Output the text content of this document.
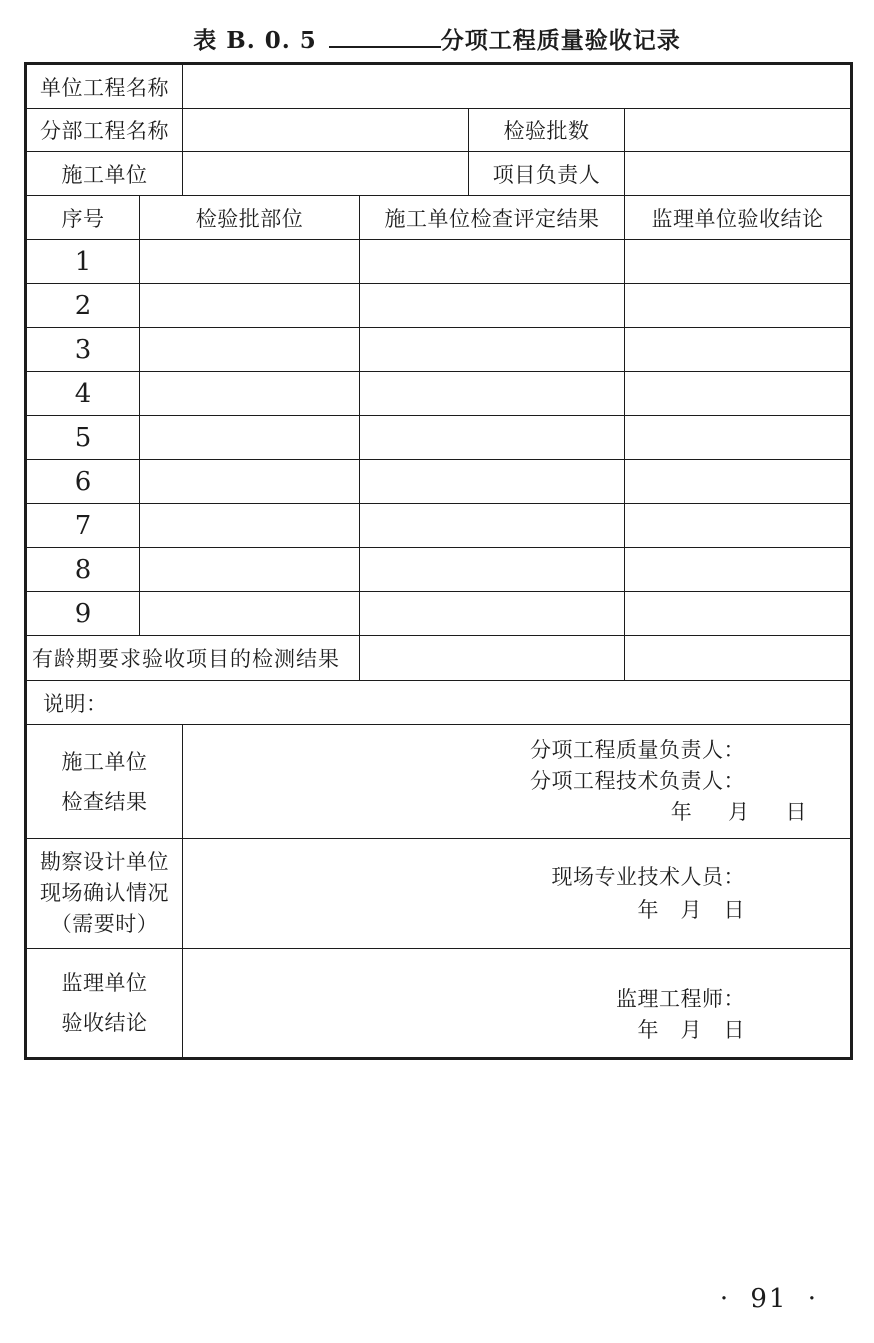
表 B. 0. 5	分项工程质量验收记录
单位工程名称					
分部工程名称				检验批数	
施工单位				项目负责人	
序号	检验批部位		施工单位检查评定结果		监理单位验收结论
1					
2					
3					
4					
5					
6					
7					
8					
9					
有龄期要求验收项目的检测结果					
说明：					

施工单位
检查结果

分项工程质量负责人：
分项工程技术负责人：
年     月     日

勘察设计单位
现场确认情况
（需要时）

现场专业技术人员：
年   月   日

监理单位
验收结论

监理工程师：
年   月   日
· 91 ·
